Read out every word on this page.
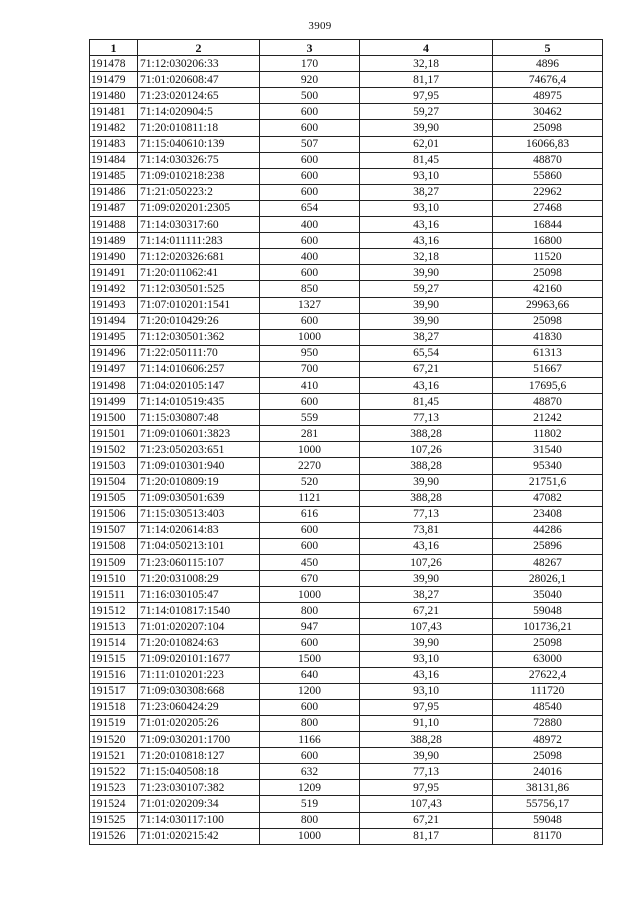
3909
1	2	3	4	5
191478	71:12:030206:33	170	32,18	4896
191479	71:01:020608:47	920	81,17	74676,4
191480	71:23:020124:65	500	97,95	48975
191481	71:14:020904:5	600	59,27	30462
191482	71:20:010811:18	600	39,90	25098
191483	71:15:040610:139	507	62,01	16066,83
191484	71:14:030326:75	600	81,45	48870
191485	71:09:010218:238	600	93,10	55860
191486	71:21:050223:2	600	38,27	22962
191487	71:09:020201:2305	654	93,10	27468
191488	71:14:030317:60	400	43,16	16844
191489	71:14:011111:283	600	43,16	16800
191490	71:12:020326:681	400	32,18	11520
191491	71:20:011062:41	600	39,90	25098
191492	71:12:030501:525	850	59,27	42160
191493	71:07:010201:1541	1327	39,90	29963,66
191494	71:20:010429:26	600	39,90	25098
191495	71:12:030501:362	1000	38,27	41830
191496	71:22:050111:70	950	65,54	61313
191497	71:14:010606:257	700	67,21	51667
191498	71:04:020105:147	410	43,16	17695,6
191499	71:14:010519:435	600	81,45	48870
191500	71:15:030807:48	559	77,13	21242
191501	71:09:010601:3823	281	388,28	11802
191502	71:23:050203:651	1000	107,26	31540
191503	71:09:010301:940	2270	388,28	95340
191504	71:20:010809:19	520	39,90	21751,6
191505	71:09:030501:639	1121	388,28	47082
191506	71:15:030513:403	616	77,13	23408
191507	71:14:020614:83	600	73,81	44286
191508	71:04:050213:101	600	43,16	25896
191509	71:23:060115:107	450	107,26	48267
191510	71:20:031008:29	670	39,90	28026,1
191511	71:16:030105:47	1000	38,27	35040
191512	71:14:010817:1540	800	67,21	59048
191513	71:01:020207:104	947	107,43	101736,21
191514	71:20:010824:63	600	39,90	25098
191515	71:09:020101:1677	1500	93,10	63000
191516	71:11:010201:223	640	43,16	27622,4
191517	71:09:030308:668	1200	93,10	111720
191518	71:23:060424:29	600	97,95	48540
191519	71:01:020205:26	800	91,10	72880
191520	71:09:030201:1700	1166	388,28	48972
191521	71:20:010818:127	600	39,90	25098
191522	71:15:040508:18	632	77,13	24016
191523	71:23:030107:382	1209	97,95	38131,86
191524	71:01:020209:34	519	107,43	55756,17
191525	71:14:030117:100	800	67,21	59048
191526	71:01:020215:42	1000	81,17	81170
